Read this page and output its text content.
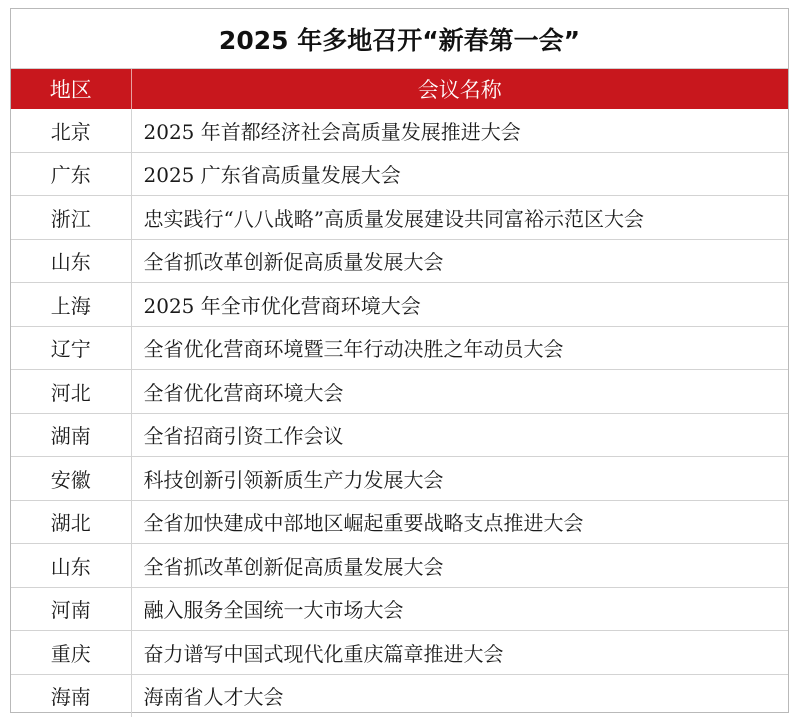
2025 年多地召开“新春第一会”
地区	会议名称
北京	2025 年首都经济社会高质量发展推进大会
广东	2025 广东省高质量发展大会
浙江	忠实践行“八八战略”高质量发展建设共同富裕示范区大会
山东	全省抓改革创新促高质量发展大会
上海	2025 年全市优化营商环境大会
辽宁	全省优化营商环境暨三年行动决胜之年动员大会
河北	全省优化营商环境大会
湖南	全省招商引资工作会议
安徽	科技创新引领新质生产力发展大会
湖北	全省加快建成中部地区崛起重要战略支点推进大会
山东	全省抓改革创新促高质量发展大会
河南	融入服务全国统一大市场大会
重庆	奋力谱写中国式现代化重庆篇章推进大会
海南	海南省人才大会
